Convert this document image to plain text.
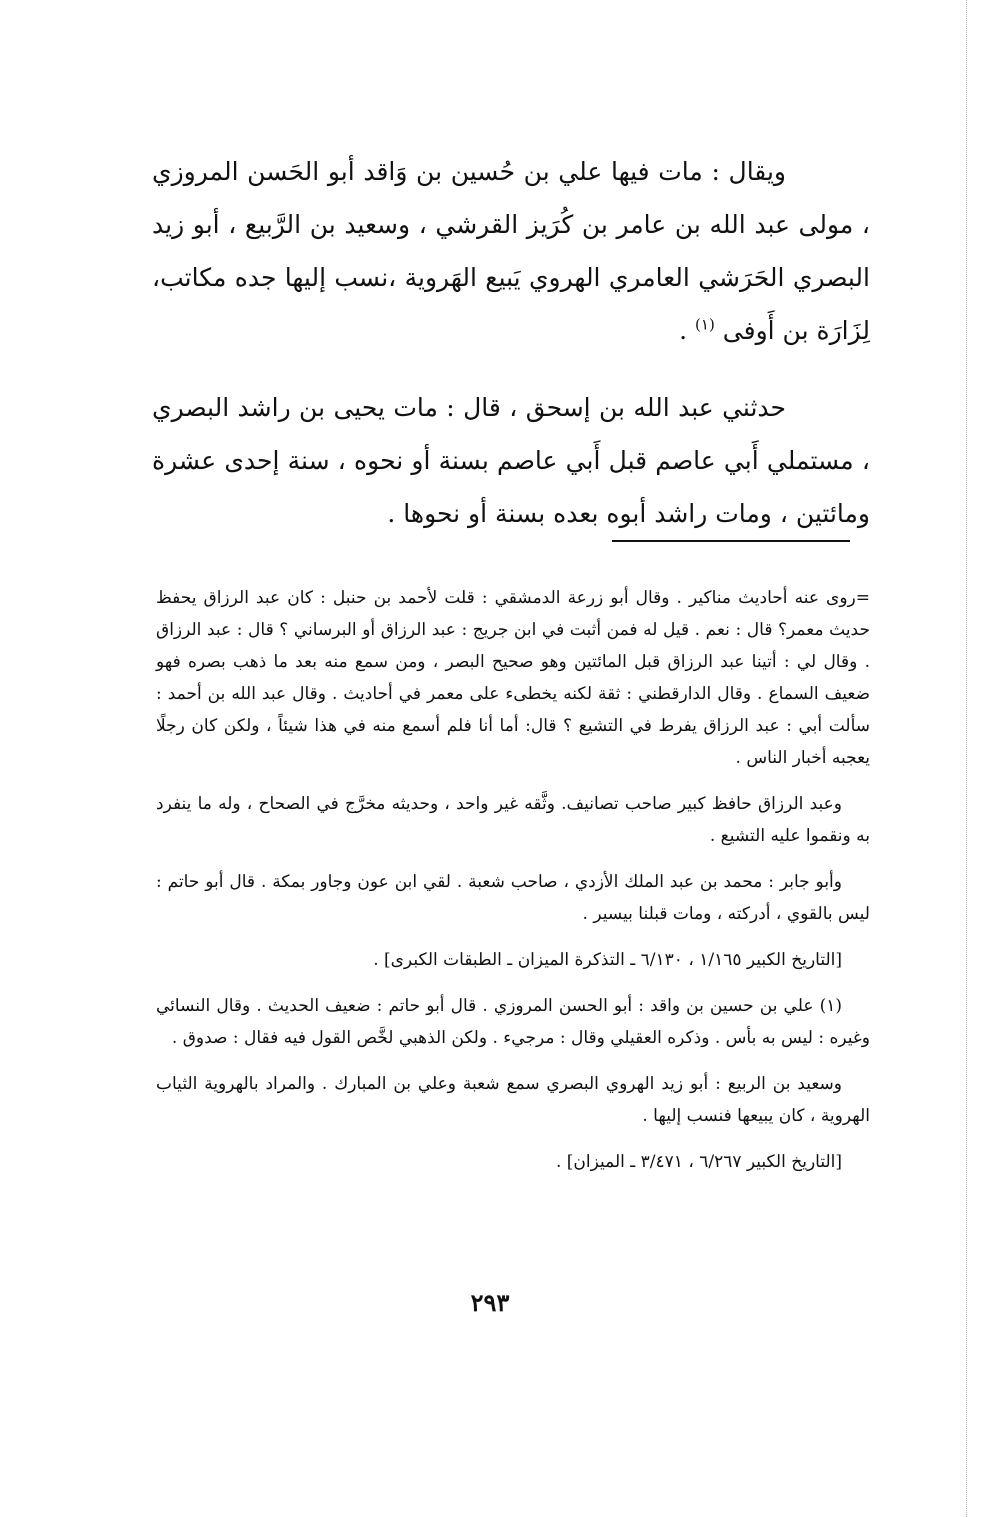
ويقال : مات فيها علي بن حُسين بن وَاقد أبو الحَسن المروزي ، مولى عبد الله بن عامر بن كُرَيز القرشي ، وسعيد بن الرَّبيع ، أبو زيد البصري الحَرَشي العامري الهروي يَبيع الهَروية ،نسب إليها جده مكاتب، لِزَارَة بن أَوفى $^{(١)}$ .

حدثني عبد الله بن إسحق ، قال : مات يحيى بن راشد البصري ، مستملي أَبي عاصم قبل أَبي عاصم بسنة أو نحوه ، سنة إحدى عشرة ومائتين ، ومات راشد أبوه بعده بسنة أو نحوها .

=روى عنه أحاديث مناكير . وقال أبو زرعة الدمشقي : قلت لأحمد بن حنبل : كان عبد الرزاق يحفظ حديث معمر؟ قال : نعم . قيل له فمن أثبت في ابن جريج : عبد الرزاق أو البرساني ؟ قال : عبد الرزاق . وقال لي : أتينا عبد الرزاق قبل المائتين وهو صحيح البصر ، ومن سمع منه بعد ما ذهب بصره فهو ضعيف السماع . وقال الدارقطني : ثقة لكنه يخطىء على معمر في أحاديث . وقال عبد الله بن أحمد : سألت أبي : عبد الرزاق يفرط في التشيع ؟ قال: أما أنا فلم أسمع منه في هذا شيئاً ، ولكن كان رجلًا يعجبه أخبار الناس .

وعبد الرزاق حافظ كبير صاحب تصانيف. وثَّقه غير واحد ، وحديثه مخرَّج في الصحاح ، وله ما ينفرد به ونقموا عليه التشيع .

وأبو جابر : محمد بن عبد الملك الأزدي ، صاحب شعبة . لقي ابن عون وجاور بمكة . قال أبو حاتم : ليس بالقوي ، أدركته ، ومات قبلنا بيسير .

[التاريخ الكبير ١/١٦٥ ، ٦/١٣٠ ـ التذكرة الميزان ـ الطبقات الكبرى] .

(١) علي بن حسين بن واقد : أبو الحسن المروزي . قال أبو حاتم : ضعيف الحديث . وقال النسائي وغيره : ليس به بأس . وذكره العقيلي وقال : مرجيء . ولكن الذهبي لخَّص القول فيه فقال : صدوق .

وسعيد بن الربيع : أبو زيد الهروي البصري سمع شعبة وعلي بن المبارك . والمراد بالهروية الثياب الهروية ، كان يبيعها فنسب إليها .

[التاريخ الكبير ٦/٢٦٧ ، ٣/٤٧١ ـ الميزان] .

٢٩٣
